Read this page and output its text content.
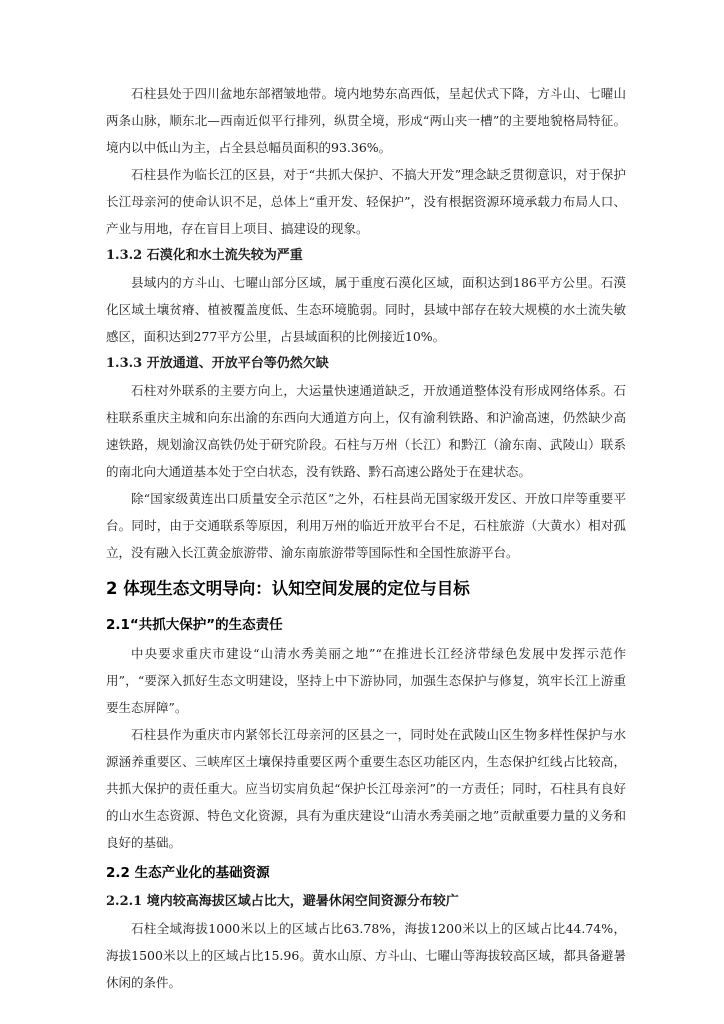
石柱县处于四川盆地东部褶皱地带。境内地势东高西低，呈起伏式下降，方斗山、七曜山两条山脉，顺东北—西南近似平行排列，纵贯全境，形成“两山夹一槽”的主要地貌格局特征。境内以中低山为主，占全县总幅员面积的93.36%。

石柱县作为临长江的区县，对于“共抓大保护、不搞大开发”理念缺乏贯彻意识，对于保护长江母亲河的使命认识不足，总体上“重开发、轻保护”，没有根据资源环境承载力布局人口、产业与用地，存在盲目上项目、搞建设的现象。

1.3.2 石漠化和水土流失较为严重

县域内的方斗山、七曜山部分区域，属于重度石漠化区域，面积达到186平方公里。石漠化区域土壤贫瘠、植被覆盖度低、生态环境脆弱。同时，县域中部存在较大规模的水土流失敏感区，面积达到277平方公里，占县域面积的比例接近10%。

1.3.3 开放通道、开放平台等仍然欠缺

石柱对外联系的主要方向上，大运量快速通道缺乏，开放通道整体没有形成网络体系。石柱联系重庆主城和向东出渝的东西向大通道方向上，仅有渝利铁路、和沪渝高速，仍然缺少高速铁路，规划渝汉高铁仍处于研究阶段。石柱与万州（长江）和黔江（渝东南、武陵山）联系的南北向大通道基本处于空白状态，没有铁路、黔石高速公路处于在建状态。

除“国家级黄连出口质量安全示范区”之外，石柱县尚无国家级开发区、开放口岸等重要平台。同时，由于交通联系等原因，利用万州的临近开放平台不足，石柱旅游（大黄水）相对孤立，没有融入长江黄金旅游带、渝东南旅游带等国际性和全国性旅游平台。

2 体现生态文明导向：认知空间发展的定位与目标
2.1“共抓大保护”的生态责任

中央要求重庆市建设“山清水秀美丽之地”“在推进长江经济带绿色发展中发挥示范作用”，“要深入抓好生态文明建设，坚持上中下游协同，加强生态保护与修复，筑牢长江上游重要生态屏障”。

石柱县作为重庆市内紧邻长江母亲河的区县之一，同时处在武陵山区生物多样性保护与水源涵养重要区、三峡库区土壤保持重要区两个重要生态区功能区内，生态保护红线占比较高，共抓大保护的责任重大。应当切实肩负起“保护长江母亲河”的一方责任；同时，石柱具有良好的山水生态资源、特色文化资源，具有为重庆建设“山清水秀美丽之地”贡献重要力量的义务和良好的基础。

2.2 生态产业化的基础资源
2.2.1 境内较高海拔区域占比大，避暑休闲空间资源分布较广

石柱全域海拔1000米以上的区域占比63.78%，海拔1200米以上的区域占比44.74%，海拔1500米以上的区域占比15.96。黄水山原、方斗山、七曜山等海拔较高区域，都具备避暑休闲的条件。
